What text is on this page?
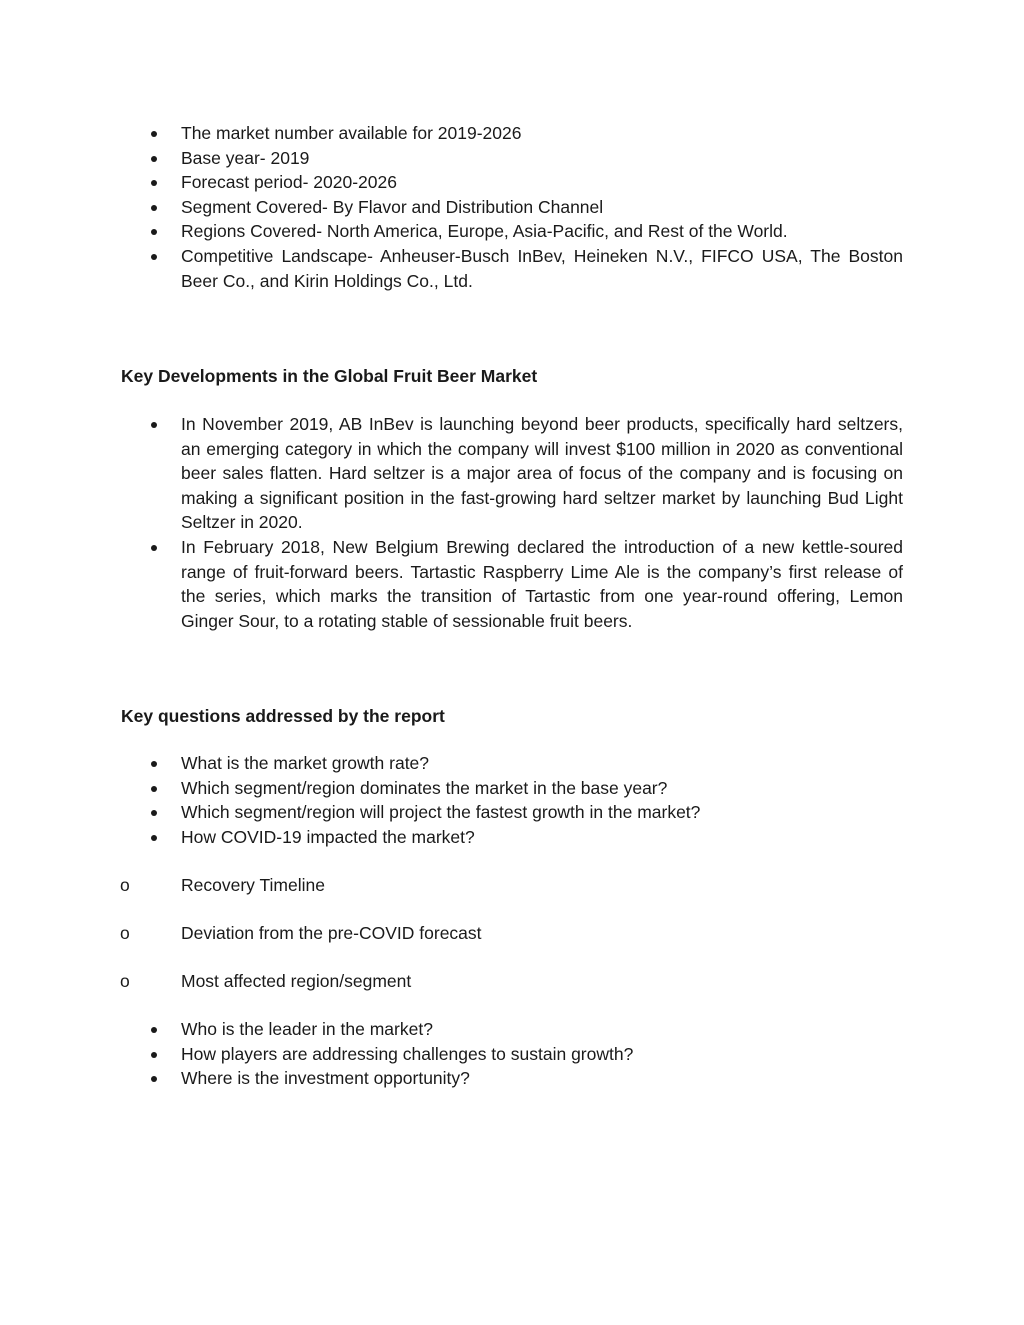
The market number available for 2019-2026
Base year- 2019
Forecast period- 2020-2026
Segment Covered- By Flavor and Distribution Channel
Regions Covered- North America, Europe, Asia-Pacific, and Rest of the World.
Competitive Landscape- Anheuser-Busch InBev, Heineken N.V., FIFCO USA, The Boston Beer Co., and Kirin Holdings Co., Ltd.
Key Developments in the Global Fruit Beer Market
In November 2019, AB InBev is launching beyond beer products, specifically hard seltzers, an emerging category in which the company will invest $100 million in 2020 as conventional beer sales flatten. Hard seltzer is a major area of focus of the company and is focusing on making a significant position in the fast-growing hard seltzer market by launching Bud Light Seltzer in 2020.
In February 2018, New Belgium Brewing declared the introduction of a new kettle-soured range of fruit-forward beers. Tartastic Raspberry Lime Ale is the company’s first release of the series, which marks the transition of Tartastic from one year-round offering, Lemon Ginger Sour, to a rotating stable of sessionable fruit beers.
Key questions addressed by the report
What is the market growth rate?
Which segment/region dominates the market in the base year?
Which segment/region will project the fastest growth in the market?
How COVID-19 impacted the market?
o	Recovery Timeline
o	Deviation from the pre-COVID forecast
o	Most affected region/segment
Who is the leader in the market?
How players are addressing challenges to sustain growth?
Where is the investment opportunity?
